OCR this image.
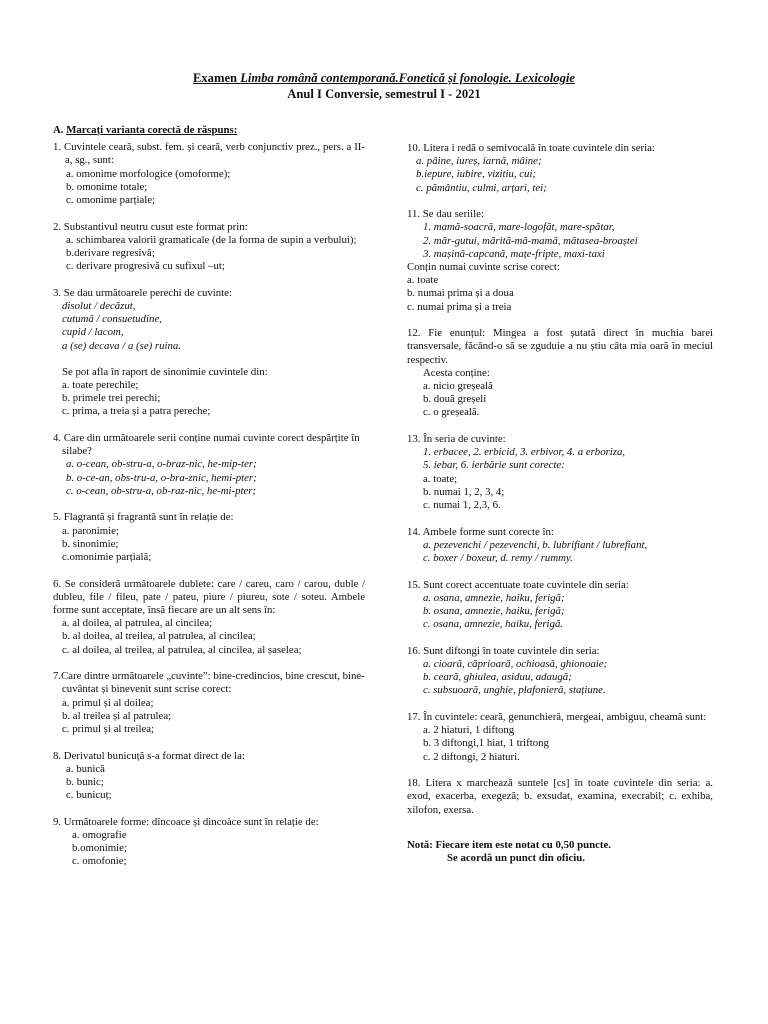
Examen Limba română contemporană.Fonetică și fonologie. Lexicologie
Anul I Conversie, semestrul I - 2021
A. Marcați varianta corectă de răspuns:
1. Cuvintele ceară, subst. fem. și ceară, verb conjunctiv prez., pers. a II-a, sg., sunt:
a. omonime morfologice (omoforme);
b. omonime totale;
c. omonime parțiale;
2. Substantivul neutru cusut este format prin:
a. schimbarea valorii gramaticale (de la forma de supin a verbului);
b.derivare regresivă;
c. derivare progresivă cu sufixul –ut;
3. Se dau următoarele perechi de cuvinte:
disolut / decăzut,
cutumă / consuetudine,
cupid / lacom,
a (se) decava / a (se) ruina.
Se pot afla în raport de sinonimie cuvintele din:
a. toate perechile;
b. primele trei perechi;
c. prima, a treia și a patra pereche;
4. Care din următoarele serii conține numai cuvinte corect despărțite în silabe?
a. o-cean, ob-stru-a, o-braz-nic, he-mip-ter;
b. o-ce-an, obs-tru-a, o-bra-znic, hemi-pter;
c. o-cean, ob-stru-a, ob-raz-nic, he-mi-pter;
5. Flagrantă și fragrantă sunt în relație de:
a. paronimie;
b. sinonimie;
c.omonimie parțială;
6. Se consideră următoarele dublete: care / careu, caro / carou, duble / dubleu, file / fileu, pate / pateu, piure / piureu, sote / soteu. Ambele forme sunt acceptate, însă fiecare are un alt sens în:
a. al doilea, al patrulea, al cincilea;
b. al doilea, al treilea, al patrulea, al cincilea;
c. al doilea, al treilea, al patrulea, al cincilea, al șaselea;
7.Care dintre următoarele „cuvinte”: bine-credincios, bine crescut, bine-cuvântat și binevenit sunt scrise corect:
a. primul și al doilea;
b. al treilea și al patrulea;
c. primul și al treilea;
8. Derivatul bunicuță s-a format direct de la:
a. bunică
b. bunic;
c. bunicuț;
9. Următoarele forme: dîncoace și dincoàce sunt în relație de:
a. omografie
b.omonimie;
c. omofonie;
10. Litera i redă o semivocală în toate cuvintele din seria:
a. pâine, iureș, iarnă, mâine;
b.iepure, iubire, vizitiu, cui;
c. pământiu, culmi, arțari, tei;
11. Se dau seriile:
1. mamă-soacră, mare-logofăt, mare-spătar,
2. măr-gutui, mărită-mă-mamă, mătasea-broaștei
3. mașină-capcană, mațe-fripte, maxi-taxi
Conțin numai cuvinte scrise corect:
a. toate
b. numai prima și a doua
c. numai prima și a treia
12. Fie enunțul: Mingea a fost șutată direct în muchia barei transversale, făcând-o să se zguduie a nu știu câta mia oară în meciul respectiv.
Acesta conține:
a. nicio greșeală
b. două greșeli
c. o greșeală.
13. În seria de cuvinte:
1. erbacee, 2. erbicid, 3. erbivor, 4. a erboriza,
5. iebar, 6. ierbărie sunt corecte:
a. toate;
b. numai 1, 2, 3, 4;
c. numai 1, 2,3, 6.
14. Ambele forme sunt corecte în:
a. pezevenchi / pezevenchi, b. lubrifiant / lubrefiant,
c. boxer / boxeur, d. remy / rummy.
15. Sunt corect accentuate toate cuvintele din seria:
a. osana, amnezie, haiku, ferigă;
b. osana, amnezie, haiku, ferigă;
c. osana, amnezie, haiku, ferigă.
16. Sunt diftongi în toate cuvintele din seria:
a. cioară, căprioară, ochioasă, ghionoaie;
b. ceară, ghiulea, asiduu, adaugă;
c. subsuoară, unghie, plafonieră, stațiune.
17. În cuvintele: ceară, genunchieră, mergeai, ambiguu, cheamă sunt:
a. 2 hiaturi, 1 diftong
b. 3 diftongi,1 hiat, 1 triftong
c. 2 diftongi, 2 hiaturi.
18. Litera x marchează suntele [cs] în toate cuvintele din seria: a. exod, exacerba, exegeză; b. exsudat, examina, execrabil; c. exhiba, xilofon, exersa.
Notă: Fiecare item este notat cu 0,50 puncte.
Se acordă un punct din oficiu.
